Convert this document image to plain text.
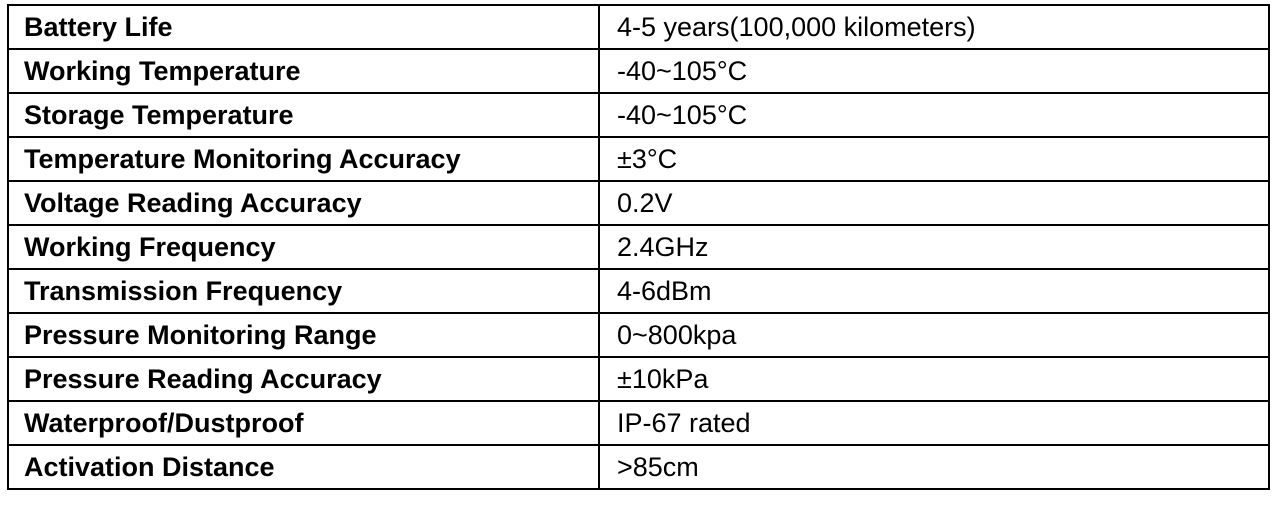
Battery Life	4-5 years(100,000 kilometers)
Working Temperature	-40~105°C
Storage Temperature	-40~105°C
Temperature Monitoring Accuracy	±3°C
Voltage Reading Accuracy	0.2V
Working Frequency	2.4GHz
Transmission Frequency	4-6dBm
Pressure Monitoring Range	0~800kpa
Pressure Reading Accuracy	±10kPa
Waterproof/Dustproof	IP-67 rated
Activation Distance	>85cm
